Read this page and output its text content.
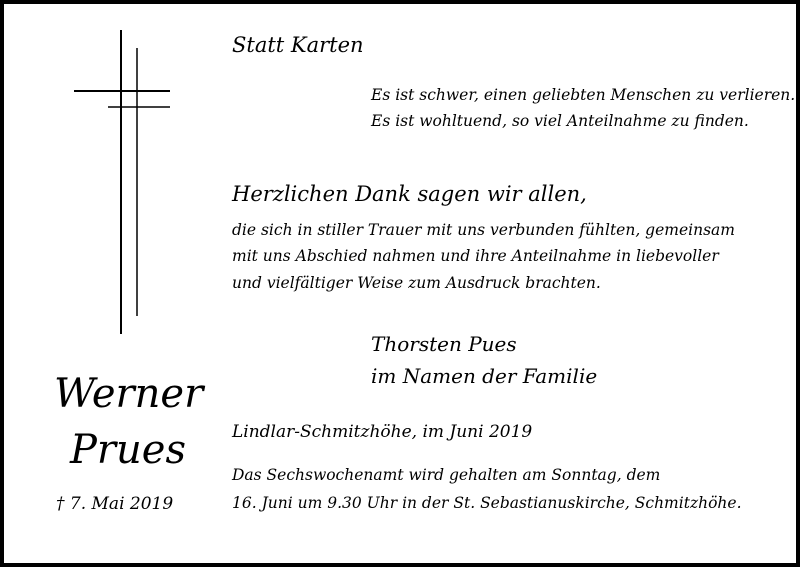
Statt Karten
Es ist schwer, einen geliebten Menschen zu verlieren.
Es ist wohltuend, so viel Anteilnahme zu finden.
Herzlichen Dank sagen wir allen,
die sich in stiller Trauer mit uns verbunden fühlten, gemeinsam
mit uns Abschied nahmen und ihre Anteilnahme in liebevoller
und vielfältiger Weise zum Ausdruck brachten.
Thorsten Pues
im Namen der Familie
Werner
Prues
† 7. Mai 2019
Lindlar-Schmitzhöhe, im Juni 2019
Das Sechswochenamt wird gehalten am Sonntag, dem
16. Juni um 9.30 Uhr in der St. Sebastianuskirche, Schmitzhöhe.
